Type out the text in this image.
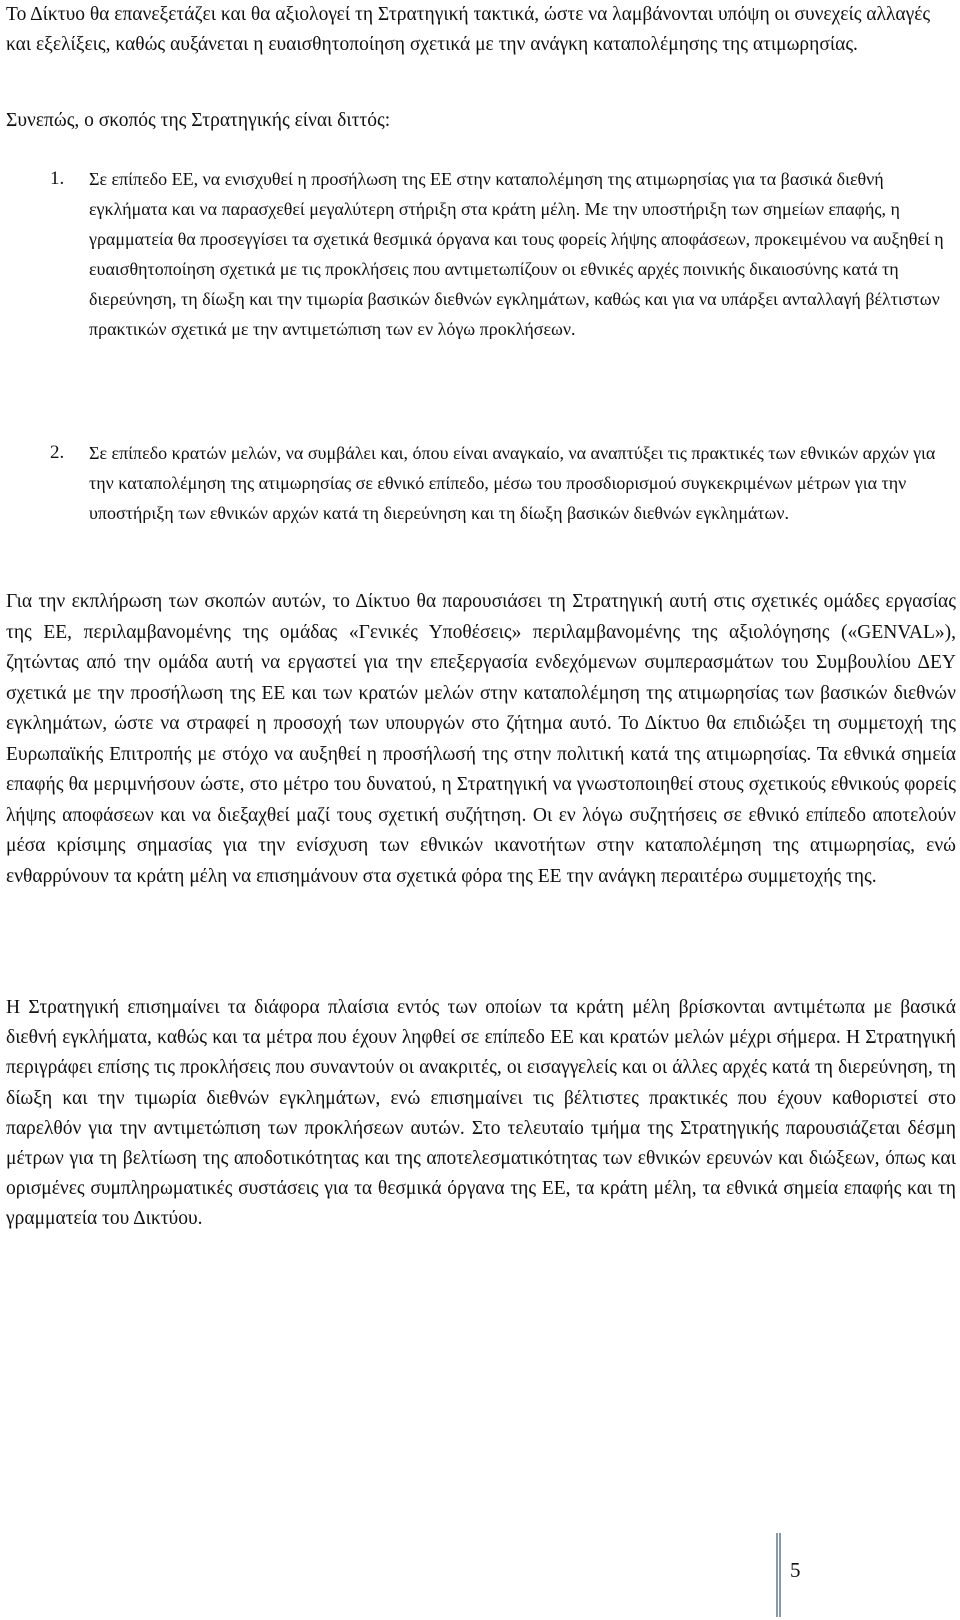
Το Δίκτυο θα επανεξετάζει και θα αξιολογεί τη Στρατηγική τακτικά, ώστε να λαμβάνονται υπόψη οι συνεχείς αλλαγές και εξελίξεις, καθώς αυξάνεται η ευαισθητοποίηση σχετικά με την ανάγκη καταπολέμησης της ατιμωρησίας.

Συνεπώς, ο σκοπός της Στρατηγικής είναι διττός:

1. Σε επίπεδο ΕΕ, να ενισχυθεί η προσήλωση της ΕΕ στην καταπολέμηση της ατιμωρησίας για τα βασικά διεθνή εγκλήματα και να παρασχεθεί μεγαλύτερη στήριξη στα κράτη μέλη. Με την υποστήριξη των σημείων επαφής, η γραμματεία θα προσεγγίσει τα σχετικά θεσμικά όργανα και τους φορείς λήψης αποφάσεων, προκειμένου να αυξηθεί η ευαισθητοποίηση σχετικά με τις προκλήσεις που αντιμετωπίζουν οι εθνικές αρχές ποινικής δικαιοσύνης κατά τη διερεύνηση, τη δίωξη και την τιμωρία βασικών διεθνών εγκλημάτων, καθώς και για να υπάρξει ανταλλαγή βέλτιστων πρακτικών σχετικά με την αντιμετώπιση των εν λόγω προκλήσεων.

2. Σε επίπεδο κρατών μελών, να συμβάλει και, όπου είναι αναγκαίο, να αναπτύξει τις πρακτικές των εθνικών αρχών για την καταπολέμηση της ατιμωρησίας σε εθνικό επίπεδο, μέσω του προσδιορισμού συγκεκριμένων μέτρων για την υποστήριξη των εθνικών αρχών κατά τη διερεύνηση και τη δίωξη βασικών διεθνών εγκλημάτων.

Για την εκπλήρωση των σκοπών αυτών, το Δίκτυο θα παρουσιάσει τη Στρατηγική αυτή στις σχετικές ομάδες εργασίας της ΕΕ, περιλαμβανομένης της ομάδας «Γενικές Υποθέσεις» περιλαμβανομένης της αξιολόγησης («GENVAL»), ζητώντας από την ομάδα αυτή να εργαστεί για την επεξεργασία ενδεχόμενων συμπερασμάτων του Συμβουλίου ΔΕΥ σχετικά με την προσήλωση της ΕΕ και των κρατών μελών στην καταπολέμηση της ατιμωρησίας των βασικών διεθνών εγκλημάτων, ώστε να στραφεί η προσοχή των υπουργών στο ζήτημα αυτό. Το Δίκτυο θα επιδιώξει τη συμμετοχή της Ευρωπαϊκής Επιτροπής με στόχο να αυξηθεί η προσήλωσή της στην πολιτική κατά της ατιμωρησίας. Τα εθνικά σημεία επαφής θα μεριμνήσουν ώστε, στο μέτρο του δυνατού, η Στρατηγική να γνωστοποιηθεί στους σχετικούς εθνικούς φορείς λήψης αποφάσεων και να διεξαχθεί μαζί τους σχετική συζήτηση. Οι εν λόγω συζητήσεις σε εθνικό επίπεδο αποτελούν μέσα κρίσιμης σημασίας για την ενίσχυση των εθνικών ικανοτήτων στην καταπολέμηση της ατιμωρησίας, ενώ ενθαρρύνουν τα κράτη μέλη να επισημάνουν στα σχετικά φόρα της ΕΕ την ανάγκη περαιτέρω συμμετοχής της.

Η Στρατηγική επισημαίνει τα διάφορα πλαίσια εντός των οποίων τα κράτη μέλη βρίσκονται αντιμέτωπα με βασικά διεθνή εγκλήματα, καθώς και τα μέτρα που έχουν ληφθεί σε επίπεδο ΕΕ και κρατών μελών μέχρι σήμερα. Η Στρατηγική περιγράφει επίσης τις προκλήσεις που συναντούν οι ανακριτές, οι εισαγγελείς και οι άλλες αρχές κατά τη διερεύνηση, τη δίωξη και την τιμωρία διεθνών εγκλημάτων, ενώ επισημαίνει τις βέλτιστες πρακτικές που έχουν καθοριστεί στο παρελθόν για την αντιμετώπιση των προκλήσεων αυτών. Στο τελευταίο τμήμα της Στρατηγικής παρουσιάζεται δέσμη μέτρων για τη βελτίωση της αποδοτικότητας και της αποτελεσματικότητας των εθνικών ερευνών και διώξεων, όπως και ορισμένες συμπληρωματικές συστάσεις για τα θεσμικά όργανα της ΕΕ, τα κράτη μέλη, τα εθνικά σημεία επαφής και τη γραμματεία του Δικτύου.

5
